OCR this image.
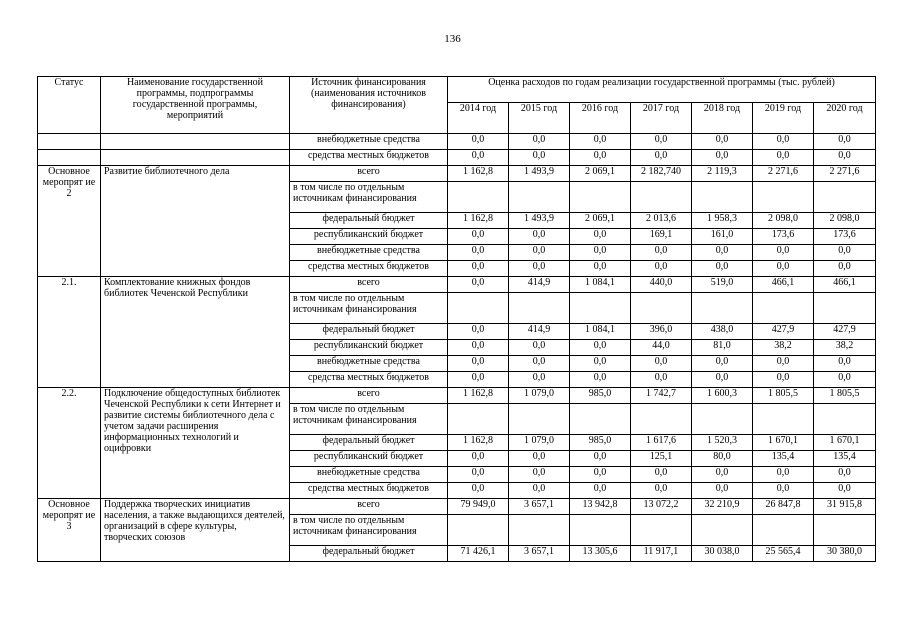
136
Статус	Наименование государственной программы, подпрограммы государственной программы, мероприятий	Источник финансирования (наименования источников финансирования)	Оценка расходов по годам реализации государственной программы (тыс. рублей)						
			2014 год	2015 год	2016 год	2017 год	2018 год	2019 год	2020 год
		внебюджетные средства	0,0	0,0	0,0	0,0	0,0	0,0	0,0
		средства местных бюджетов	0,0	0,0	0,0	0,0	0,0	0,0	0,0
Основное меропрят ие 2	Развитие библиотечного дела	всего	1 162,8	1 493,9	2 069,1	2 182,740	2 119,3	2 271,6	2 271,6
		в том числе по отдельным источникам финансирования							
		федеральный бюджет	1 162,8	1 493,9	2 069,1	2 013,6	1 958,3	2 098,0	2 098,0
		республиканский бюджет	0,0	0,0	0,0	169,1	161,0	173,6	173,6
		внебюджетные средства	0,0	0,0	0,0	0,0	0,0	0,0	0,0
		средства местных бюджетов	0,0	0,0	0,0	0,0	0,0	0,0	0,0
2.1.	Комплектование книжных фондов библиотек Чеченской Республики	всего	0,0	414,9	1 084,1	440,0	519,0	466,1	466,1
		в том числе по отдельным источникам финансирования							
		федеральный бюджет	0,0	414,9	1 084,1	396,0	438,0	427,9	427,9
		республиканский бюджет	0,0	0,0	0,0	44,0	81,0	38,2	38,2
		внебюджетные средства	0,0	0,0	0,0	0,0	0,0	0,0	0,0
		средства местных бюджетов	0,0	0,0	0,0	0,0	0,0	0,0	0,0
2.2.	Подключение общедоступных библиотек Чеченской Республики к сети Интернет и развитие системы библиотечного дела с учетом задачи расширения информационных технологий и оцифровки	всего	1 162,8	1 079,0	985,0	1 742,7	1 600,3	1 805,5	1 805,5
		в том числе по отдельным источникам финансирования							
		федеральный бюджет	1 162,8	1 079,0	985,0	1 617,6	1 520,3	1 670,1	1 670,1
		республиканский бюджет	0,0	0,0	0,0	125,1	80,0	135,4	135,4
		внебюджетные средства	0,0	0,0	0,0	0,0	0,0	0,0	0,0
		средства местных бюджетов	0,0	0,0	0,0	0,0	0,0	0,0	0,0
Основное меропрят ие 3	Поддержка творческих инициатив населения, а также выдающихся деятелей, организаций в сфере культуры, творческих союзов	всего	79 949,0	3 657,1	13 942,8	13 072,2	32 210,9	26 847,8	31 915,8
		в том числе по отдельным источникам финансирования							
		федеральный бюджет	71 426,1	3 657,1	13 305,6	11 917,1	30 038,0	25 565,4	30 380,0
